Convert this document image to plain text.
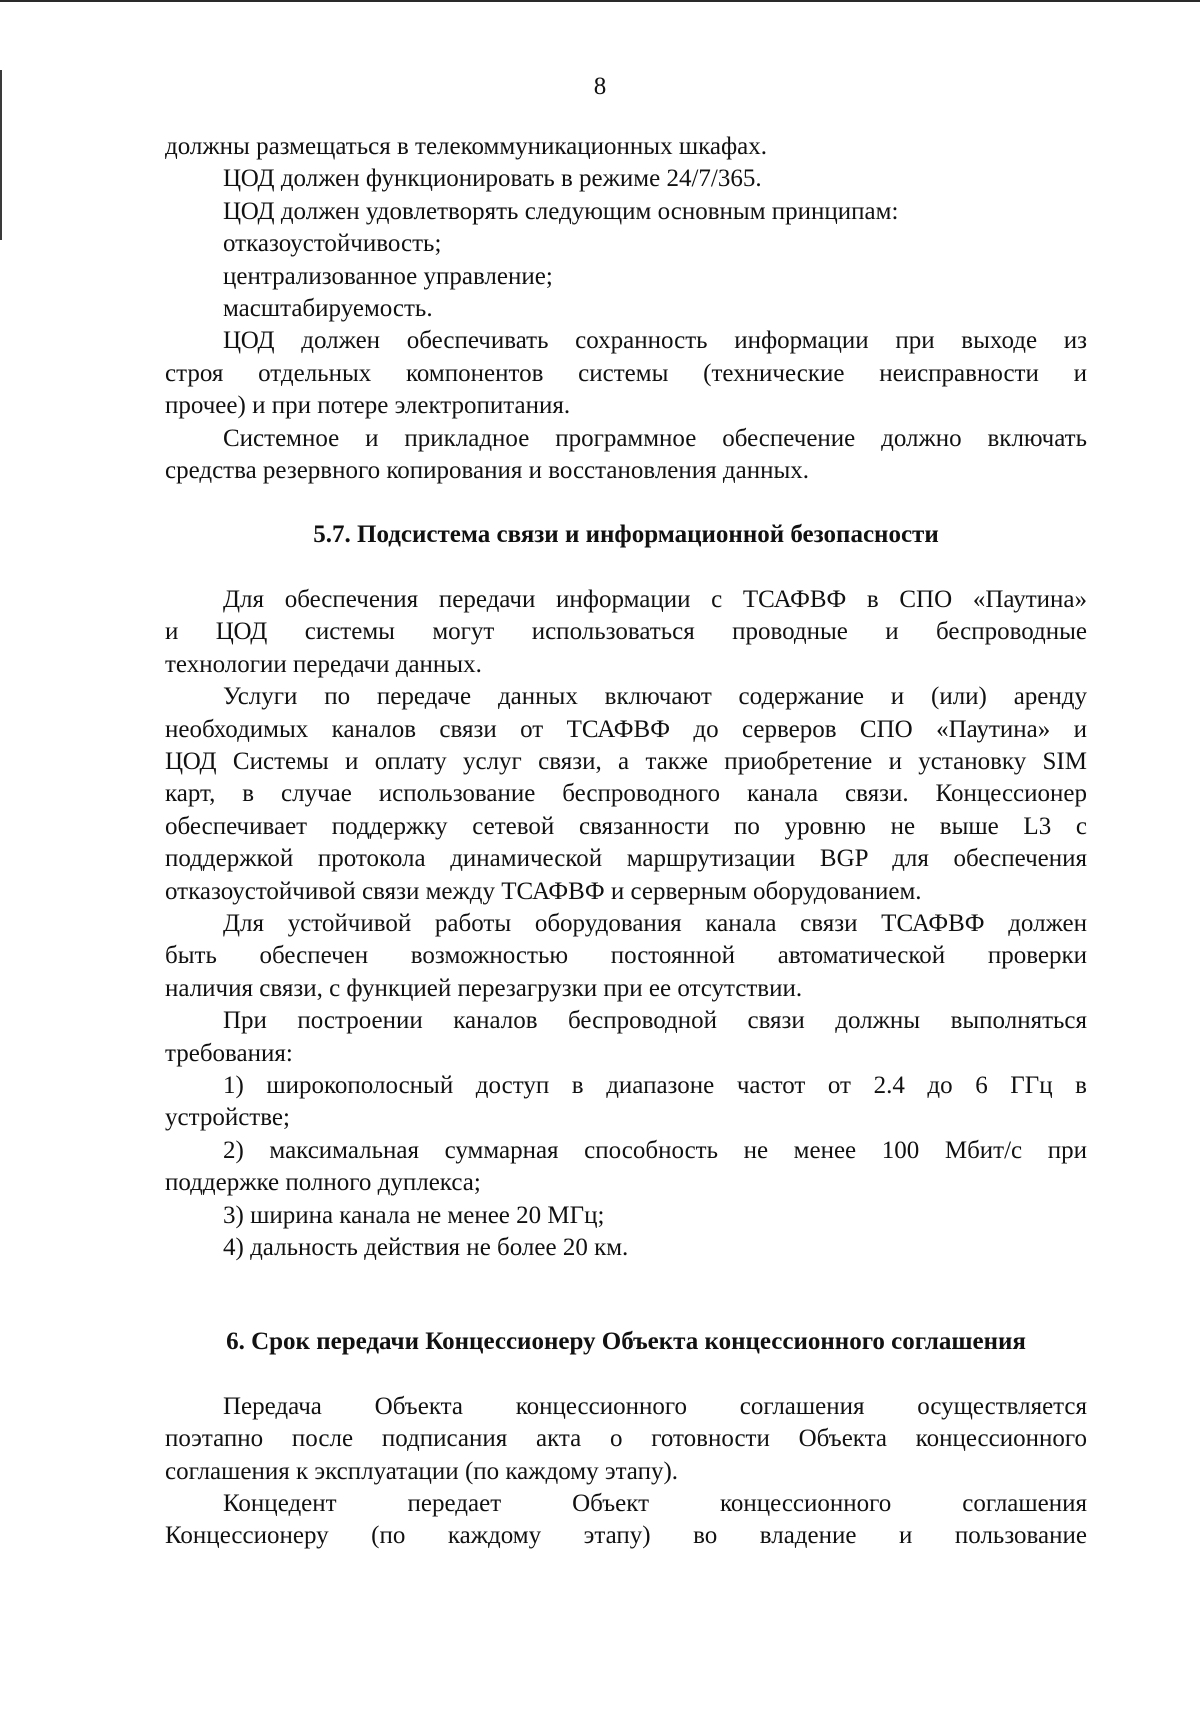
8

должны размещаться в телекоммуникационных шкафах.

ЦОД должен функционировать в режиме 24/7/365.

ЦОД должен удовлетворять следующим основным принципам:

отказоустойчивость;

централизованное управление;

масштабируемость.

ЦОД должен обеспечивать сохранность информации при выходе из
строя отдельных компонентов системы (технические неисправности и
прочее) и при потере электропитания.
Системное и прикладное программное обеспечение должно включать
средства резервного копирования и восстановления данных.

5.7. Подсистема связи и информационной безопасности

Для обеспечения передачи информации с ТСАФВФ в СПО «Паутина»
и ЦОД системы могут использоваться проводные и беспроводные
технологии передачи данных.
Услуги по передаче данных включают содержание и (или) аренду
необходимых каналов связи от ТСАФВФ до серверов СПО «Паутина» и
ЦОД Системы и оплату услуг связи, а также приобретение и установку SIM
карт, в случае использование беспроводного канала связи. Концессионер
обеспечивает поддержку сетевой связанности по уровню не выше L3 с
поддержкой протокола динамической маршрутизации BGP для обеспечения
отказоустойчивой связи между ТСАФВФ и серверным оборудованием.
Для устойчивой работы оборудования канала связи ТСАФВФ должен
быть обеспечен возможностью постоянной автоматической проверки
наличия связи, с функцией перезагрузки при ее отсутствии.
При построении каналов беспроводной связи должны выполняться
требования:
1) широкополосный доступ в диапазоне частот от 2.4 до 6 ГГц в
устройстве;
2) максимальная суммарная способность не менее 100 Мбит/с при
поддержке полного дуплекса;

3) ширина канала не менее 20 МГц;

4) дальность действия не более 20 км.

6. Срок передачи Концессионеру Объекта концессионного соглашения

Передача Объекта концессионного соглашения осуществляется
поэтапно после подписания акта о готовности Объекта концессионного
соглашения к эксплуатации (по каждому этапу).
Концедент передает Объект концессионного соглашения
Концессионеру (по каждому этапу) во владение и пользование
